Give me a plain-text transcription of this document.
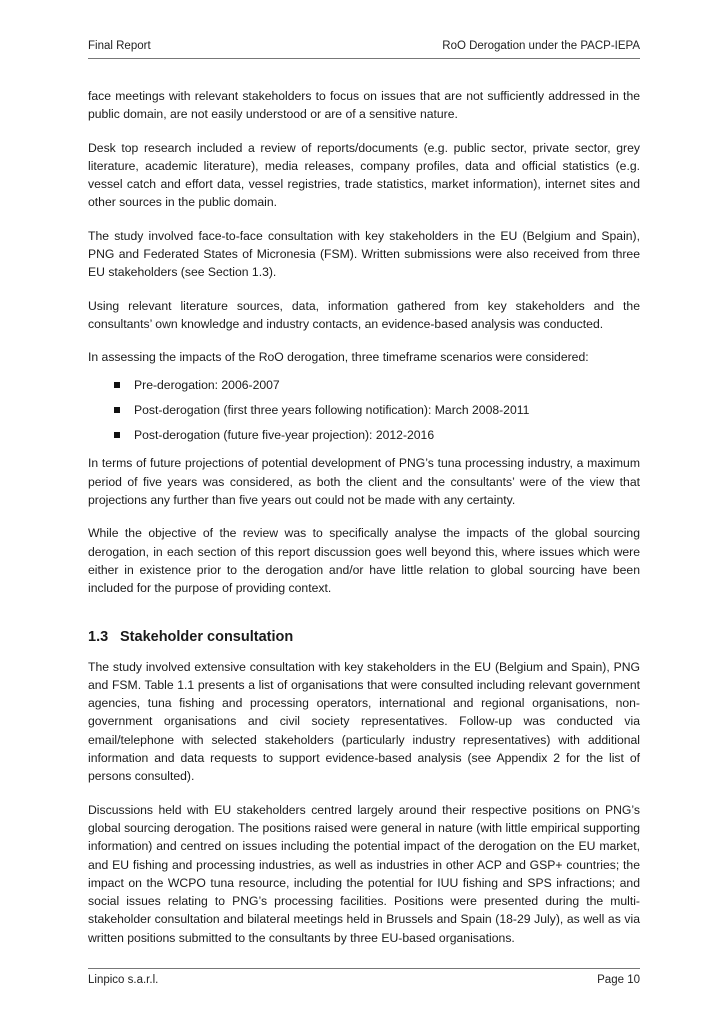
Final Report	RoO Derogation under the PACP-IEPA

face meetings with relevant stakeholders to focus on issues that are not sufficiently addressed in the public domain, are not easily understood or are of a sensitive nature.

Desk top research included a review of reports/documents (e.g. public sector, private sector, grey literature, academic literature), media releases, company profiles, data and official statistics (e.g. vessel catch and effort data, vessel registries, trade statistics, market information), internet sites and other sources in the public domain.

The study involved face-to-face consultation with key stakeholders in the EU (Belgium and Spain), PNG and Federated States of Micronesia (FSM). Written submissions were also received from three EU stakeholders (see Section 1.3).

Using relevant literature sources, data, information gathered from key stakeholders and the consultants’ own knowledge and industry contacts, an evidence-based analysis was conducted.

In assessing the impacts of the RoO derogation, three timeframe scenarios were considered:

Pre-derogation: 2006-2007
Post-derogation (first three years following notification): March 2008-2011
Post-derogation (future five-year projection): 2012-2016

In terms of future projections of potential development of PNG’s tuna processing industry, a maximum period of five years was considered, as both the client and the consultants’ were of the view that projections any further than five years out could not be made with any certainty.

While the objective of the review was to specifically analyse the impacts of the global sourcing derogation, in each section of this report discussion goes well beyond this, where issues which were either in existence prior to the derogation and/or have little relation to global sourcing have been included for the purpose of providing context.

1.3 Stakeholder consultation

The study involved extensive consultation with key stakeholders in the EU (Belgium and Spain), PNG and FSM. Table 1.1 presents a list of organisations that were consulted including relevant government agencies, tuna fishing and processing operators, international and regional organisations, non-government organisations and civil society representatives. Follow-up was conducted via email/telephone with selected stakeholders (particularly industry representatives) with additional information and data requests to support evidence-based analysis (see Appendix 2 for the list of persons consulted).

Discussions held with EU stakeholders centred largely around their respective positions on PNG’s global sourcing derogation. The positions raised were general in nature (with little empirical supporting information) and centred on issues including the potential impact of the derogation on the EU market, and EU fishing and processing industries, as well as industries in other ACP and GSP+ countries; the impact on the WCPO tuna resource, including the potential for IUU fishing and SPS infractions; and social issues relating to PNG’s processing facilities. Positions were presented during the multi-stakeholder consultation and bilateral meetings held in Brussels and Spain (18-29 July), as well as via written positions submitted to the consultants by three EU-based organisations.

Linpico s.a.r.l.	Page 10
